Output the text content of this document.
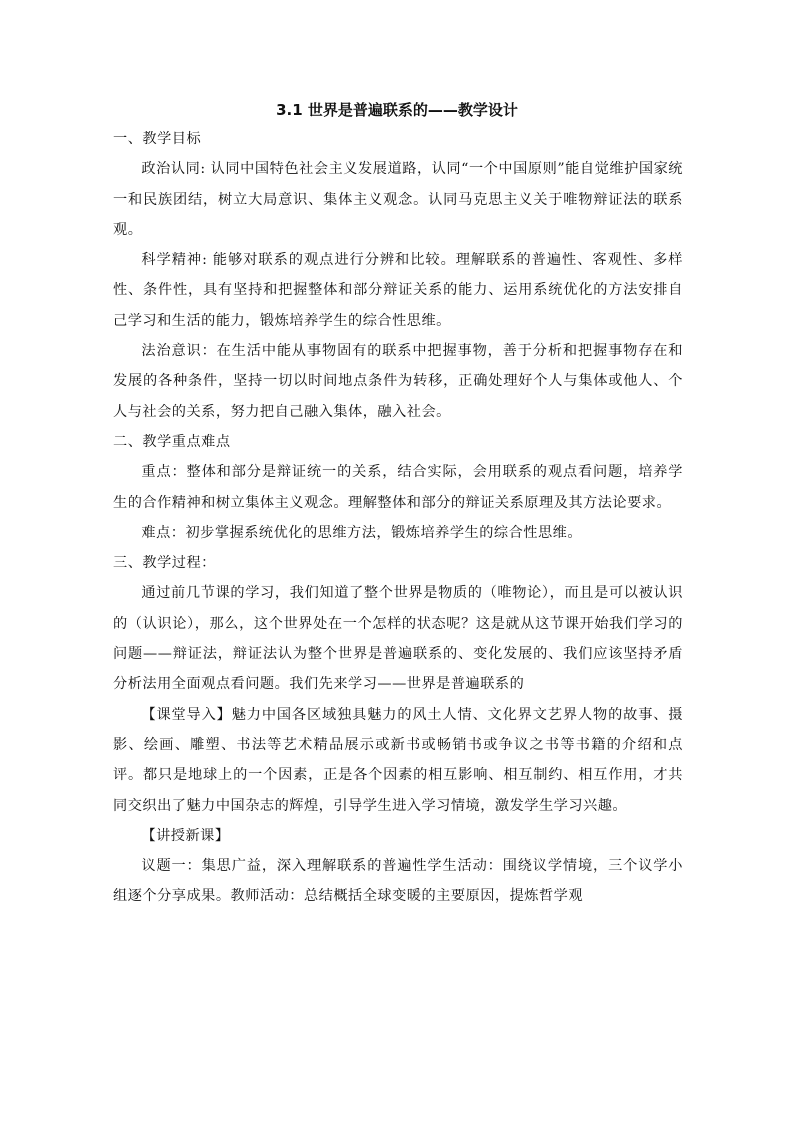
3.1 世界是普遍联系的——教学设计

一、教学目标

政治认同: 认同中国特色社会主义发展道路，认同“一个中国原则”能自觉维护国家统一和民族团结，树立大局意识、集体主义观念。认同马克思主义关于唯物辩证法的联系观。

科学精神: 能够对联系的观点进行分辨和比较。理解联系的普遍性、客观性、多样性、条件性，具有坚持和把握整体和部分辩证关系的能力、运用系统优化的方法安排自己学习和生活的能力，锻炼培养学生的综合性思维。

法治意识：在生活中能从事物固有的联系中把握事物，善于分析和把握事物存在和发展的各种条件，坚持一切以时间地点条件为转移，正确处理好个人与集体或他人、个人与社会的关系，努力把自己融入集体，融入社会。

二、教学重点难点

重点：整体和部分是辩证统一的关系，结合实际，会用联系的观点看问题，培养学生的合作精神和树立集体主义观念。理解整体和部分的辩证关系原理及其方法论要求。

难点：初步掌握系统优化的思维方法，锻炼培养学生的综合性思维。

三、教学过程：

通过前几节课的学习，我们知道了整个世界是物质的（唯物论），而且是可以被认识的（认识论），那么，这个世界处在一个怎样的状态呢？这是就从这节课开始我们学习的问题——辩证法，辩证法认为整个世界是普遍联系的、变化发展的、我们应该坚持矛盾分析法用全面观点看问题。我们先来学习——世界是普遍联系的

【课堂导入】魅力中国各区域独具魅力的风土人情、文化界文艺界人物的故事、摄影、绘画、雕塑、书法等艺术精品展示或新书或畅销书或争议之书等书籍的介绍和点评。都只是地球上的一个因素，正是各个因素的相互影响、相互制约、相互作用，才共同交织出了魅力中国杂志的辉煌，引导学生进入学习情境，激发学生学习兴趣。

【讲授新课】

议题一：集思广益，深入理解联系的普遍性学生活动：围绕议学情境，三个议学小组逐个分享成果。教师活动：总结概括全球变暖的主要原因，提炼哲学观
